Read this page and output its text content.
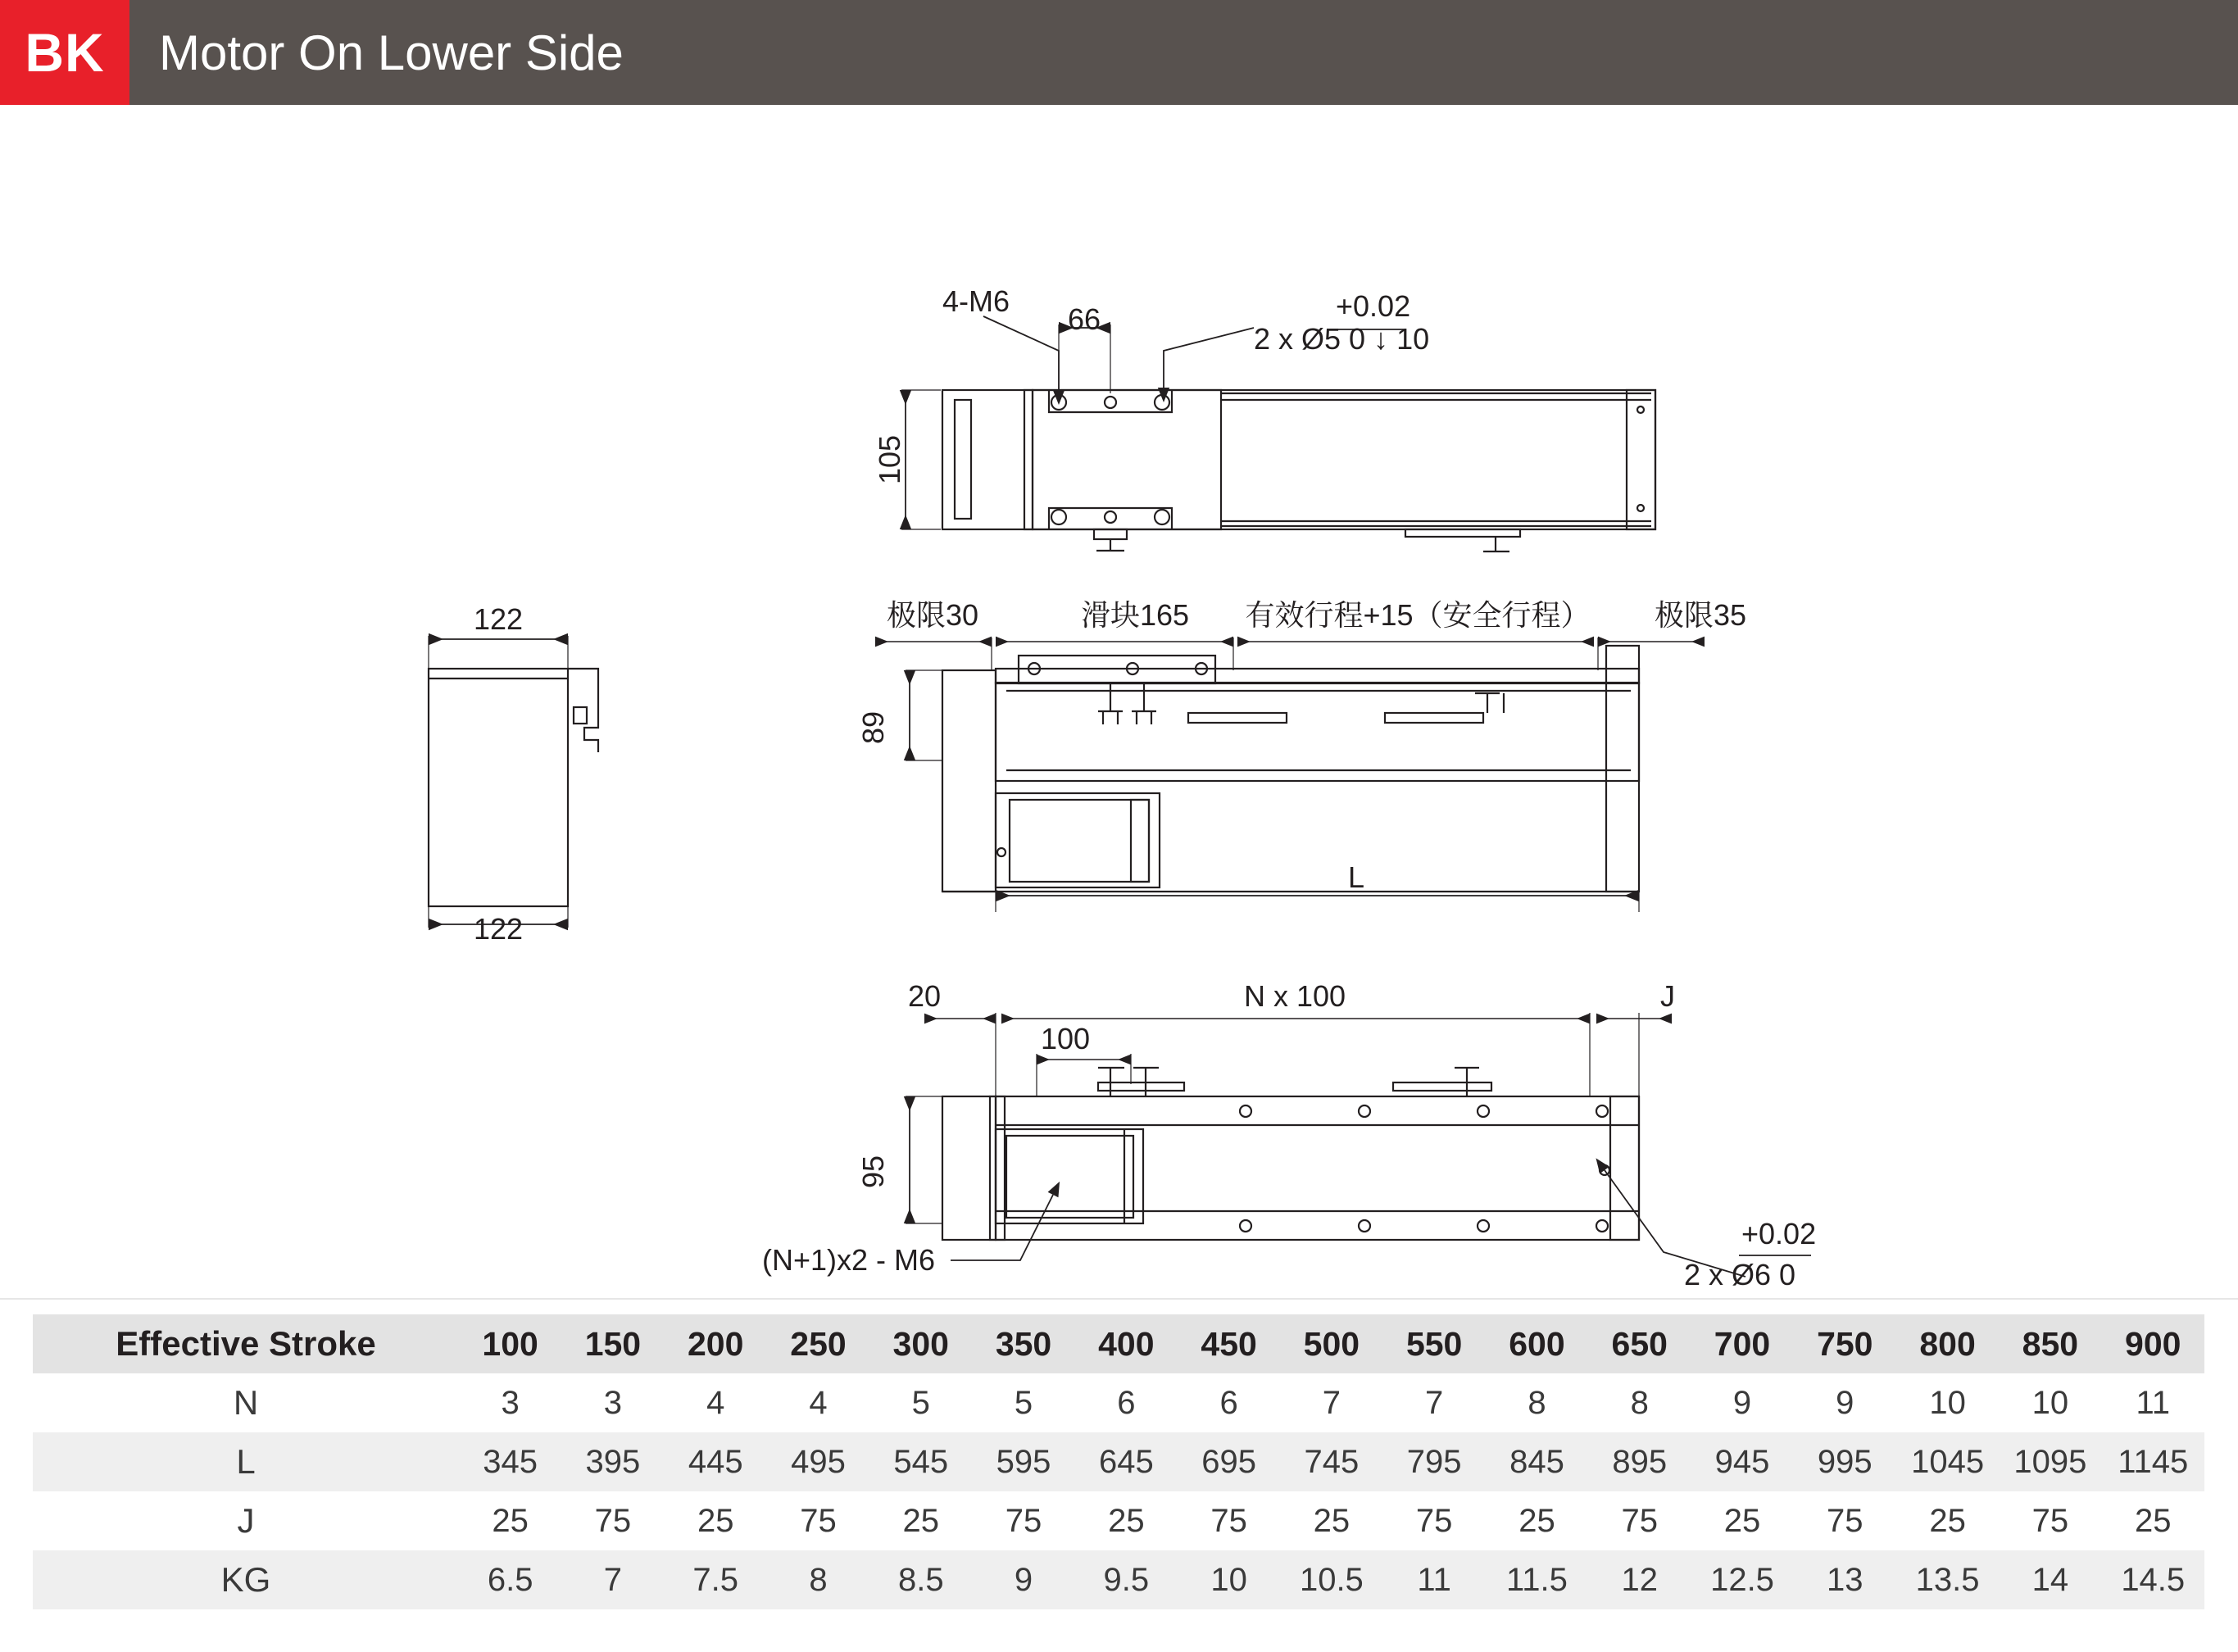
BK	Motor On Lower Side
4-M6
66	+0.02
2 x Ø5 0 ↓ 10
105
122
122
极限30	滑块165 有效行程+15（安全行程） 极限35
89
L
20	N x 100	J
100
95
(N+1)x2 - M6
+0.02
2 x Ø6 0
Effective Stroke	100	150	200	250	300	350	400	450	500	550	600	650	700	750	800	850	900
N	3	3	4	4	5	5	6	6	7	7	8	8	9	9	10	10	11
L	345	395	445	495	545	595	645	695	745	795	845	895	945	995	1045	1095	1145
J	25	75	25	75	25	75	25	75	25	75	25	75	25	75	25	75	25
KG	6.5	7	7.5	8	8.5	9	9.5	10	10.5	11	11.5	12	12.5	13	13.5	14	14.5
